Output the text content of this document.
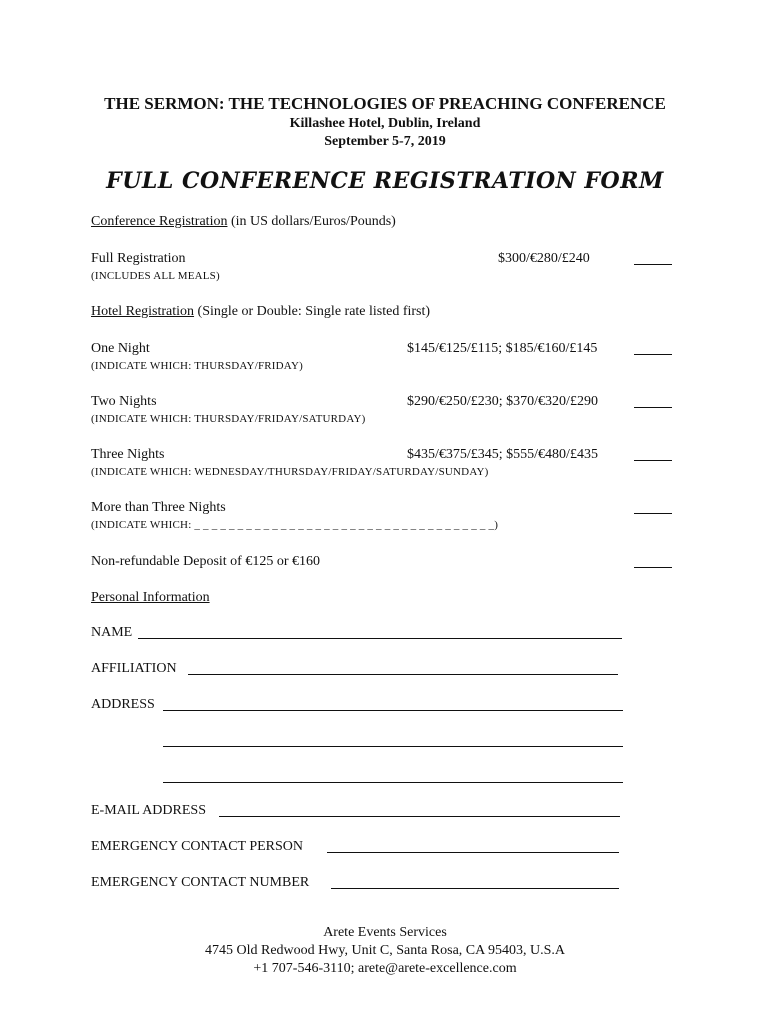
THE SERMON: THE TECHNOLOGIES OF PREACHING CONFERENCE
Killashee Hotel, Dublin, Ireland
September 5-7, 2019
FULL CONFERENCE REGISTRATION FORM
Conference Registration (in US dollars/Euros/Pounds)
Full Registration
(INCLUDES ALL MEALS)
$300/€280/£240
Hotel Registration (Single or Double: Single rate listed first)
One Night
(INDICATE WHICH: THURSDAY/FRIDAY)
$145/€125/£115; $185/€160/£145
Two Nights
(INDICATE WHICH: THURSDAY/FRIDAY/SATURDAY)
$290/€250/£230; $370/€320/£290
Three Nights
(INDICATE WHICH: WEDNESDAY/THURSDAY/FRIDAY/SATURDAY/SUNDAY)
$435/€375/£345; $555/€480/£435
More than Three Nights
(INDICATE WHICH: _ _ _ _ _ _ _ _ _ _ _ _ _ _ _ _ _ _ _ _ _ _ _ _ _ _ _ _ _ _ _ _ _ _ _)
Non-refundable Deposit of €125 or €160
Personal Information
NAME
AFFILIATION
ADDRESS
E-MAIL ADDRESS
EMERGENCY CONTACT PERSON
EMERGENCY CONTACT NUMBER
Arete Events Services
4745 Old Redwood Hwy, Unit C, Santa Rosa, CA 95403, U.S.A
+1 707-546-3110; arete@arete-excellence.com
